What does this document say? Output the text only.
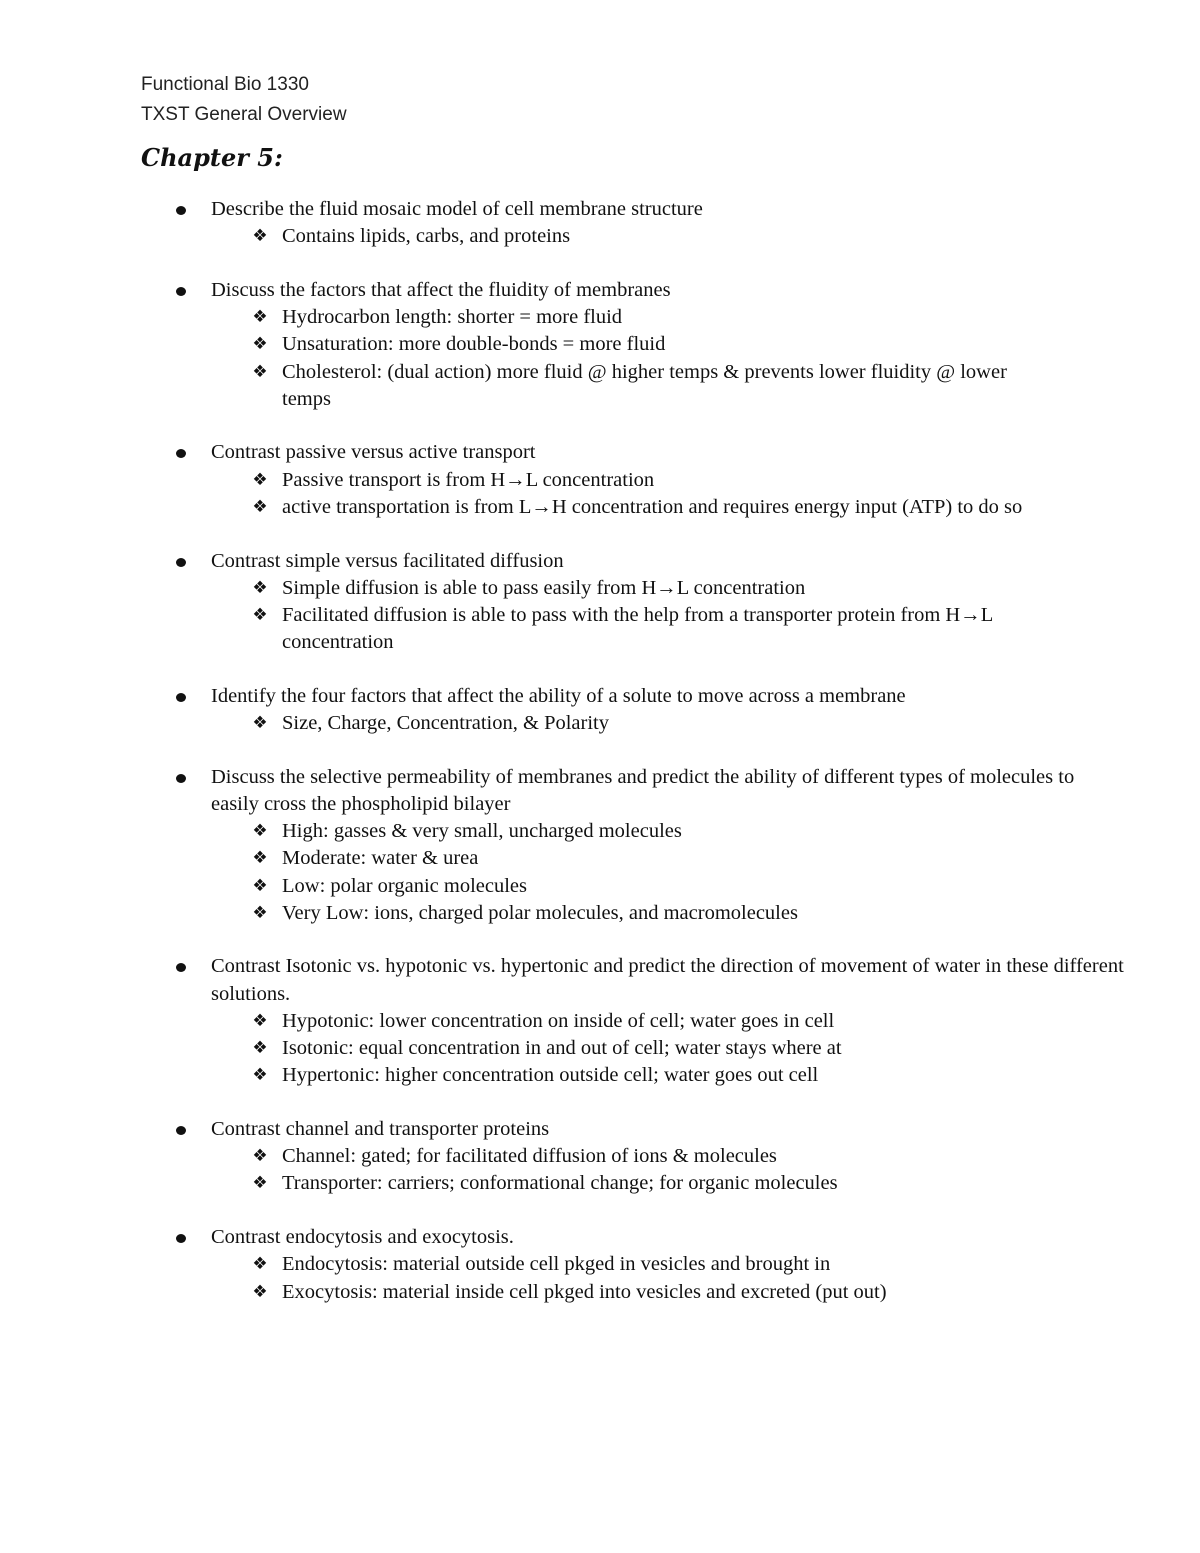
Functional Bio 1330
TXST General Overview
Chapter 5:
Describe the fluid mosaic model of cell membrane structure
❖ Contains lipids, carbs, and proteins
Discuss the factors that affect the fluidity of membranes
❖ Hydrocarbon length: shorter = more fluid
❖ Unsaturation: more double-bonds = more fluid
❖ Cholesterol: (dual action) more fluid @ higher temps & prevents lower fluidity @ lower temps
Contrast passive versus active transport
❖ Passive transport is from H→L concentration
❖ active transportation is from L→H concentration and requires energy input (ATP) to do so
Contrast simple versus facilitated diffusion
❖ Simple diffusion is able to pass easily from H→L concentration
❖ Facilitated diffusion is able to pass with the help from a transporter protein from H→L concentration
Identify the four factors that affect the ability of a solute to move across a membrane
❖ Size, Charge, Concentration, & Polarity
Discuss the selective permeability of membranes and predict the ability of different types of molecules to easily cross the phospholipid bilayer
❖ High: gasses & very small, uncharged molecules
❖ Moderate: water & urea
❖ Low: polar organic molecules
❖ Very Low: ions, charged polar molecules, and macromolecules
Contrast Isotonic vs. hypotonic vs. hypertonic and predict the direction of movement of water in these different solutions.
❖ Hypotonic: lower concentration on inside of cell; water goes in cell
❖ Isotonic: equal concentration in and out of cell; water stays where at
❖ Hypertonic: higher concentration outside cell; water goes out cell
Contrast channel and transporter proteins
❖ Channel: gated; for facilitated diffusion of ions & molecules
❖ Transporter: carriers; conformational change; for organic molecules
Contrast endocytosis and exocytosis.
❖ Endocytosis: material outside cell pkged in vesicles and brought in
❖ Exocytosis: material inside cell pkged into vesicles and excreted (put out)
